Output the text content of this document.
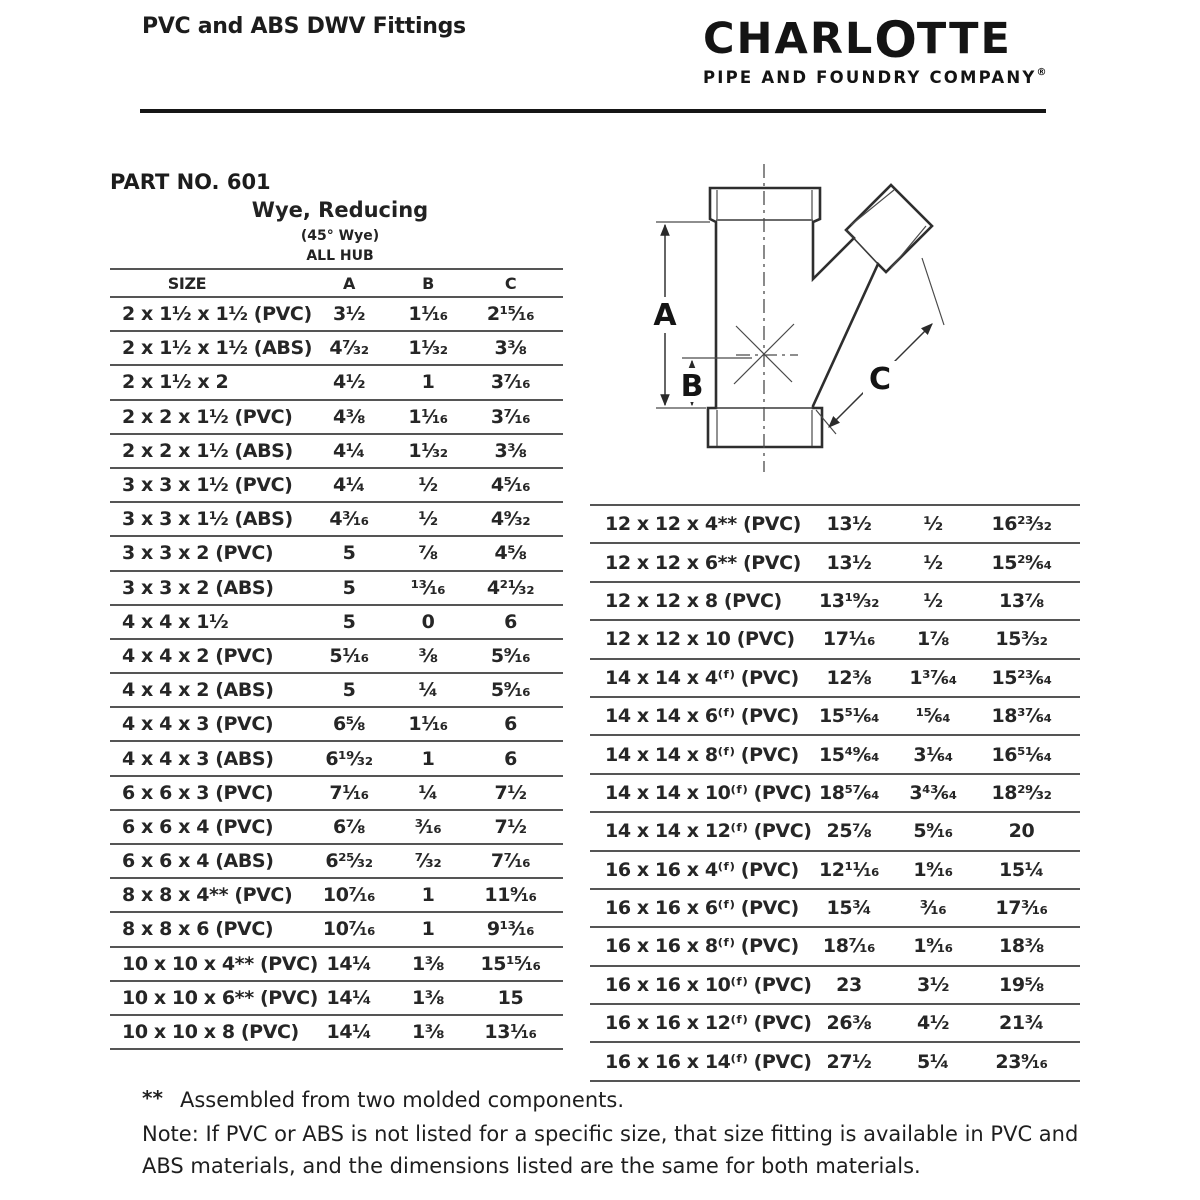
PVC and ABS DWV Fittings	CHARLOTTE
PIPE AND FOUNDRY COMPANY®
PART NO. 601
Wye, Reducing
(45° Wye)
ALL HUB
SIZE	A	B	C
2 x 1½ x 1½ (PVC)	3½	1¹⁄₁₆	2¹⁵⁄₁₆
2 x 1½ x 1½ (ABS) 4⁷⁄₃₂	1¹⁄₃₂	3⅜
2 x 1½ x 2	4½	1	3⁷⁄₁₆
2 x 2 x 1½ (PVC)	4⅜	1¹⁄₁₆	3⁷⁄₁₆
2 x 2 x 1½ (ABS)	4¼	1¹⁄₃₂	3⅜
3 x 3 x 1½ (PVC)	4¼	½	4⁵⁄₁₆
3 x 3 x 1½ (ABS)	4³⁄₁₆	½	4⁹⁄₃₂
3 x 3 x 2 (PVC)	5	⅞	4⅝
3 x 3 x 2 (ABS)	5	¹³⁄₁₆	4²¹⁄₃₂
4 x 4 x 1½	5	0	6
4 x 4 x 2 (PVC)	5¹⁄₁₆	⅜	5⁹⁄₁₆
4 x 4 x 2 (ABS)	5	¼	5⁹⁄₁₆
4 x 4 x 3 (PVC)	6⅝	1¹⁄₁₆	6
4 x 4 x 3 (ABS)	6¹⁹⁄₃₂	1	6
6 x 6 x 3 (PVC)	7¹⁄₁₆	¼	7½
6 x 6 x 4 (PVC)	6⅞	³⁄₁₆	7½
6 x 6 x 4 (ABS)	6²⁵⁄₃₂	⁷⁄₃₂	7⁷⁄₁₆
8 x 8 x 4** (PVC)	10⁷⁄₁₆	1	11⁹⁄₁₆
8 x 8 x 6 (PVC)	10⁷⁄₁₆	1	9¹³⁄₁₆
10 x 10 x 4** (PVC) 14¼	1⅜	15¹⁵⁄₁₆
10 x 10 x 6** (PVC) 14¼	1⅜	15
10 x 10 x 8 (PVC)	14¼	1⅜	13¹⁄₁₆
12 x 12 x 4** (PVC)	13½	½	16²³⁄₃₂
12 x 12 x 6** (PVC)	13½	½	15²⁹⁄₆₄
12 x 12 x 8 (PVC)	13¹⁹⁄₃₂	½	13⅞
12 x 12 x 10 (PVC)	17¹⁄₁₆	1⅞	15³⁄₃₂
14 x 14 x 4⁽ᶠ⁾ (PVC)	12⅜	1³⁷⁄₆₄	15²³⁄₆₄
14 x 14 x 6⁽ᶠ⁾ (PVC)	15⁵¹⁄₆₄	¹⁵⁄₆₄	18³⁷⁄₆₄
14 x 14 x 8⁽ᶠ⁾ (PVC)	15⁴⁹⁄₆₄	3¹⁄₆₄	16⁵¹⁄₆₄
14 x 14 x 10⁽ᶠ⁾ (PVC) 18⁵⁷⁄₆₄	3⁴³⁄₆₄	18²⁹⁄₃₂
14 x 14 x 12⁽ᶠ⁾ (PVC) 25⅞	5⁹⁄₁₆	20
16 x 16 x 4⁽ᶠ⁾ (PVC)	12¹¹⁄₁₆	1⁹⁄₁₆	15¼
16 x 16 x 6⁽ᶠ⁾ (PVC)	15¾	³⁄₁₆	17³⁄₁₆
16 x 16 x 8⁽ᶠ⁾ (PVC)	18⁷⁄₁₆	1⁹⁄₁₆	18⅜
16 x 16 x 10⁽ᶠ⁾ (PVC)	23	3½	19⅝
16 x 16 x 12⁽ᶠ⁾ (PVC) 26⅜	4½	21¾
16 x 16 x 14⁽ᶠ⁾ (PVC) 27½	5¼	23⁹⁄₁₆
A
B	C
** Assembled from two molded components.
Note: If PVC or ABS is not listed for a specific size, that size fitting is available in PVC and
ABS materials, and the dimensions listed are the same for both materials.
